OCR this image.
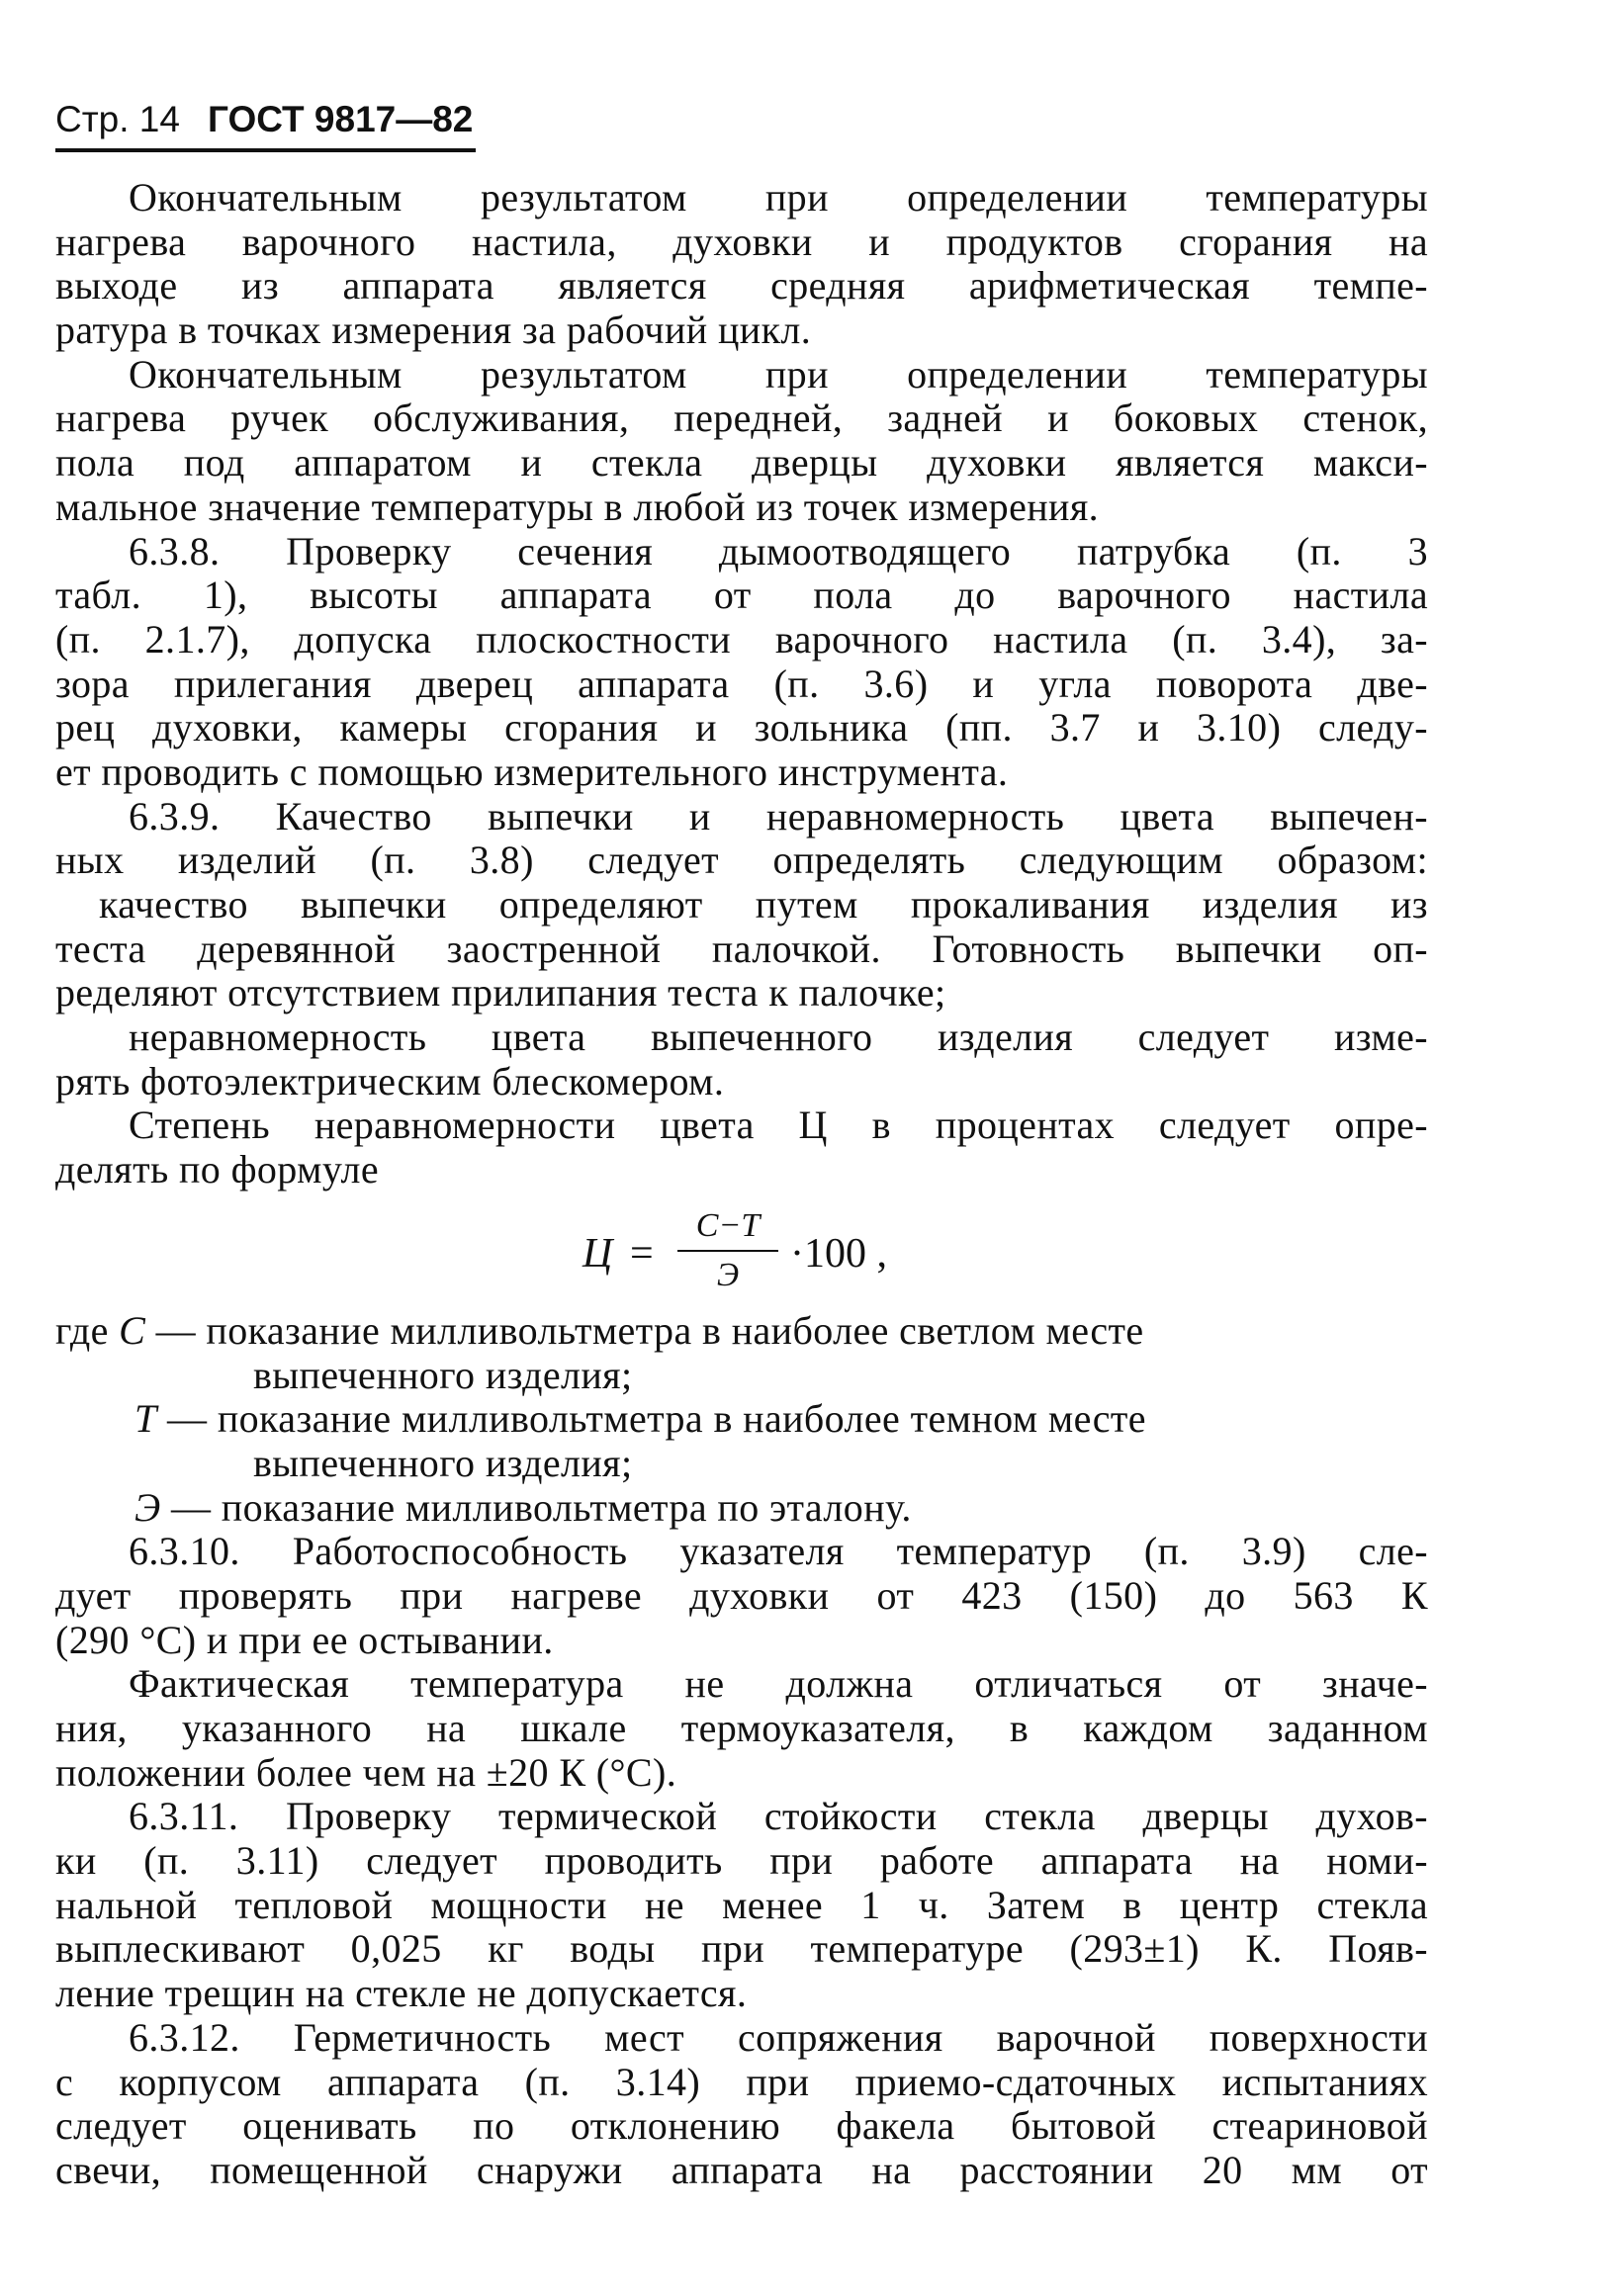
Стр. 14 ГОСТ 9817—82
Окончательным результатом при определении температуры
нагрева варочного настила, духовки и продуктов сгорания на
выходе из аппарата является средняя арифметическая темпе-
ратура в точках измерения за рабочий цикл.
Окончательным результатом при определении температуры
нагрева ручек обслуживания, передней, задней и боковых стенок,
пола под аппаратом и стекла дверцы духовки является макси-
мальное значение температуры в любой из точек измерения.
6.3.8. Проверку сечения дымоотводящего патрубка (п. 3
табл. 1), высоты аппарата от пола до варочного настила
(п. 2.1.7), допуска плоскостности варочного настила (п. 3.4), за-
зора прилегания дверец аппарата (п. 3.6) и угла поворота две-
рец духовки, камеры сгорания и зольника (пп. 3.7 и 3.10) следу-
ет проводить с помощью измерительного инструмента.
6.3.9. Качество выпечки и неравномерность цвета выпечен-
ных изделий (п. 3.8) следует определять следующим образом:
качество выпечки определяют путем прокаливания изделия из
теста деревянной заостренной палочкой. Готовность выпечки оп-
ределяют отсутствием прилипания теста к палочке;
неравномерность цвета выпеченного изделия следует изме-
рять фотоэлектрическим блескомером.
Степень неравномерности цвета Ц в процентах следует опре-
делять по формуле
Ц =
С−Т
Э	·100 ,
где С — показание милливольтметра в наиболее светлом месте
выпеченного изделия;
Т — показание милливольтметра в наиболее темном месте
выпеченного изделия;
Э — показание милливольтметра по эталону.
6.3.10. Работоспособность указателя температур (п. 3.9) сле-
дует проверять при нагреве духовки от 423 (150) до 563 К
(290 °С) и при ее остывании.
Фактическая температура не должна отличаться от значе-
ния, указанного на шкале термоуказателя, в каждом заданном
положении более чем на ±20 К (°С).
6.3.11. Проверку термической стойкости стекла дверцы духов-
ки (п. 3.11) следует проводить при работе аппарата на номи-
нальной тепловой мощности не менее 1 ч. Затем в центр стекла
выплескивают 0,025 кг воды при температуре (293±1) К. Появ-
ление трещин на стекле не допускается.
6.3.12. Герметичность мест сопряжения варочной поверхности
с корпусом аппарата (п. 3.14) при приемо-сдаточных испытаниях
следует оценивать по отклонению факела бытовой стеариновой
свечи, помещенной снаружи аппарата на расстоянии 20 мм от
